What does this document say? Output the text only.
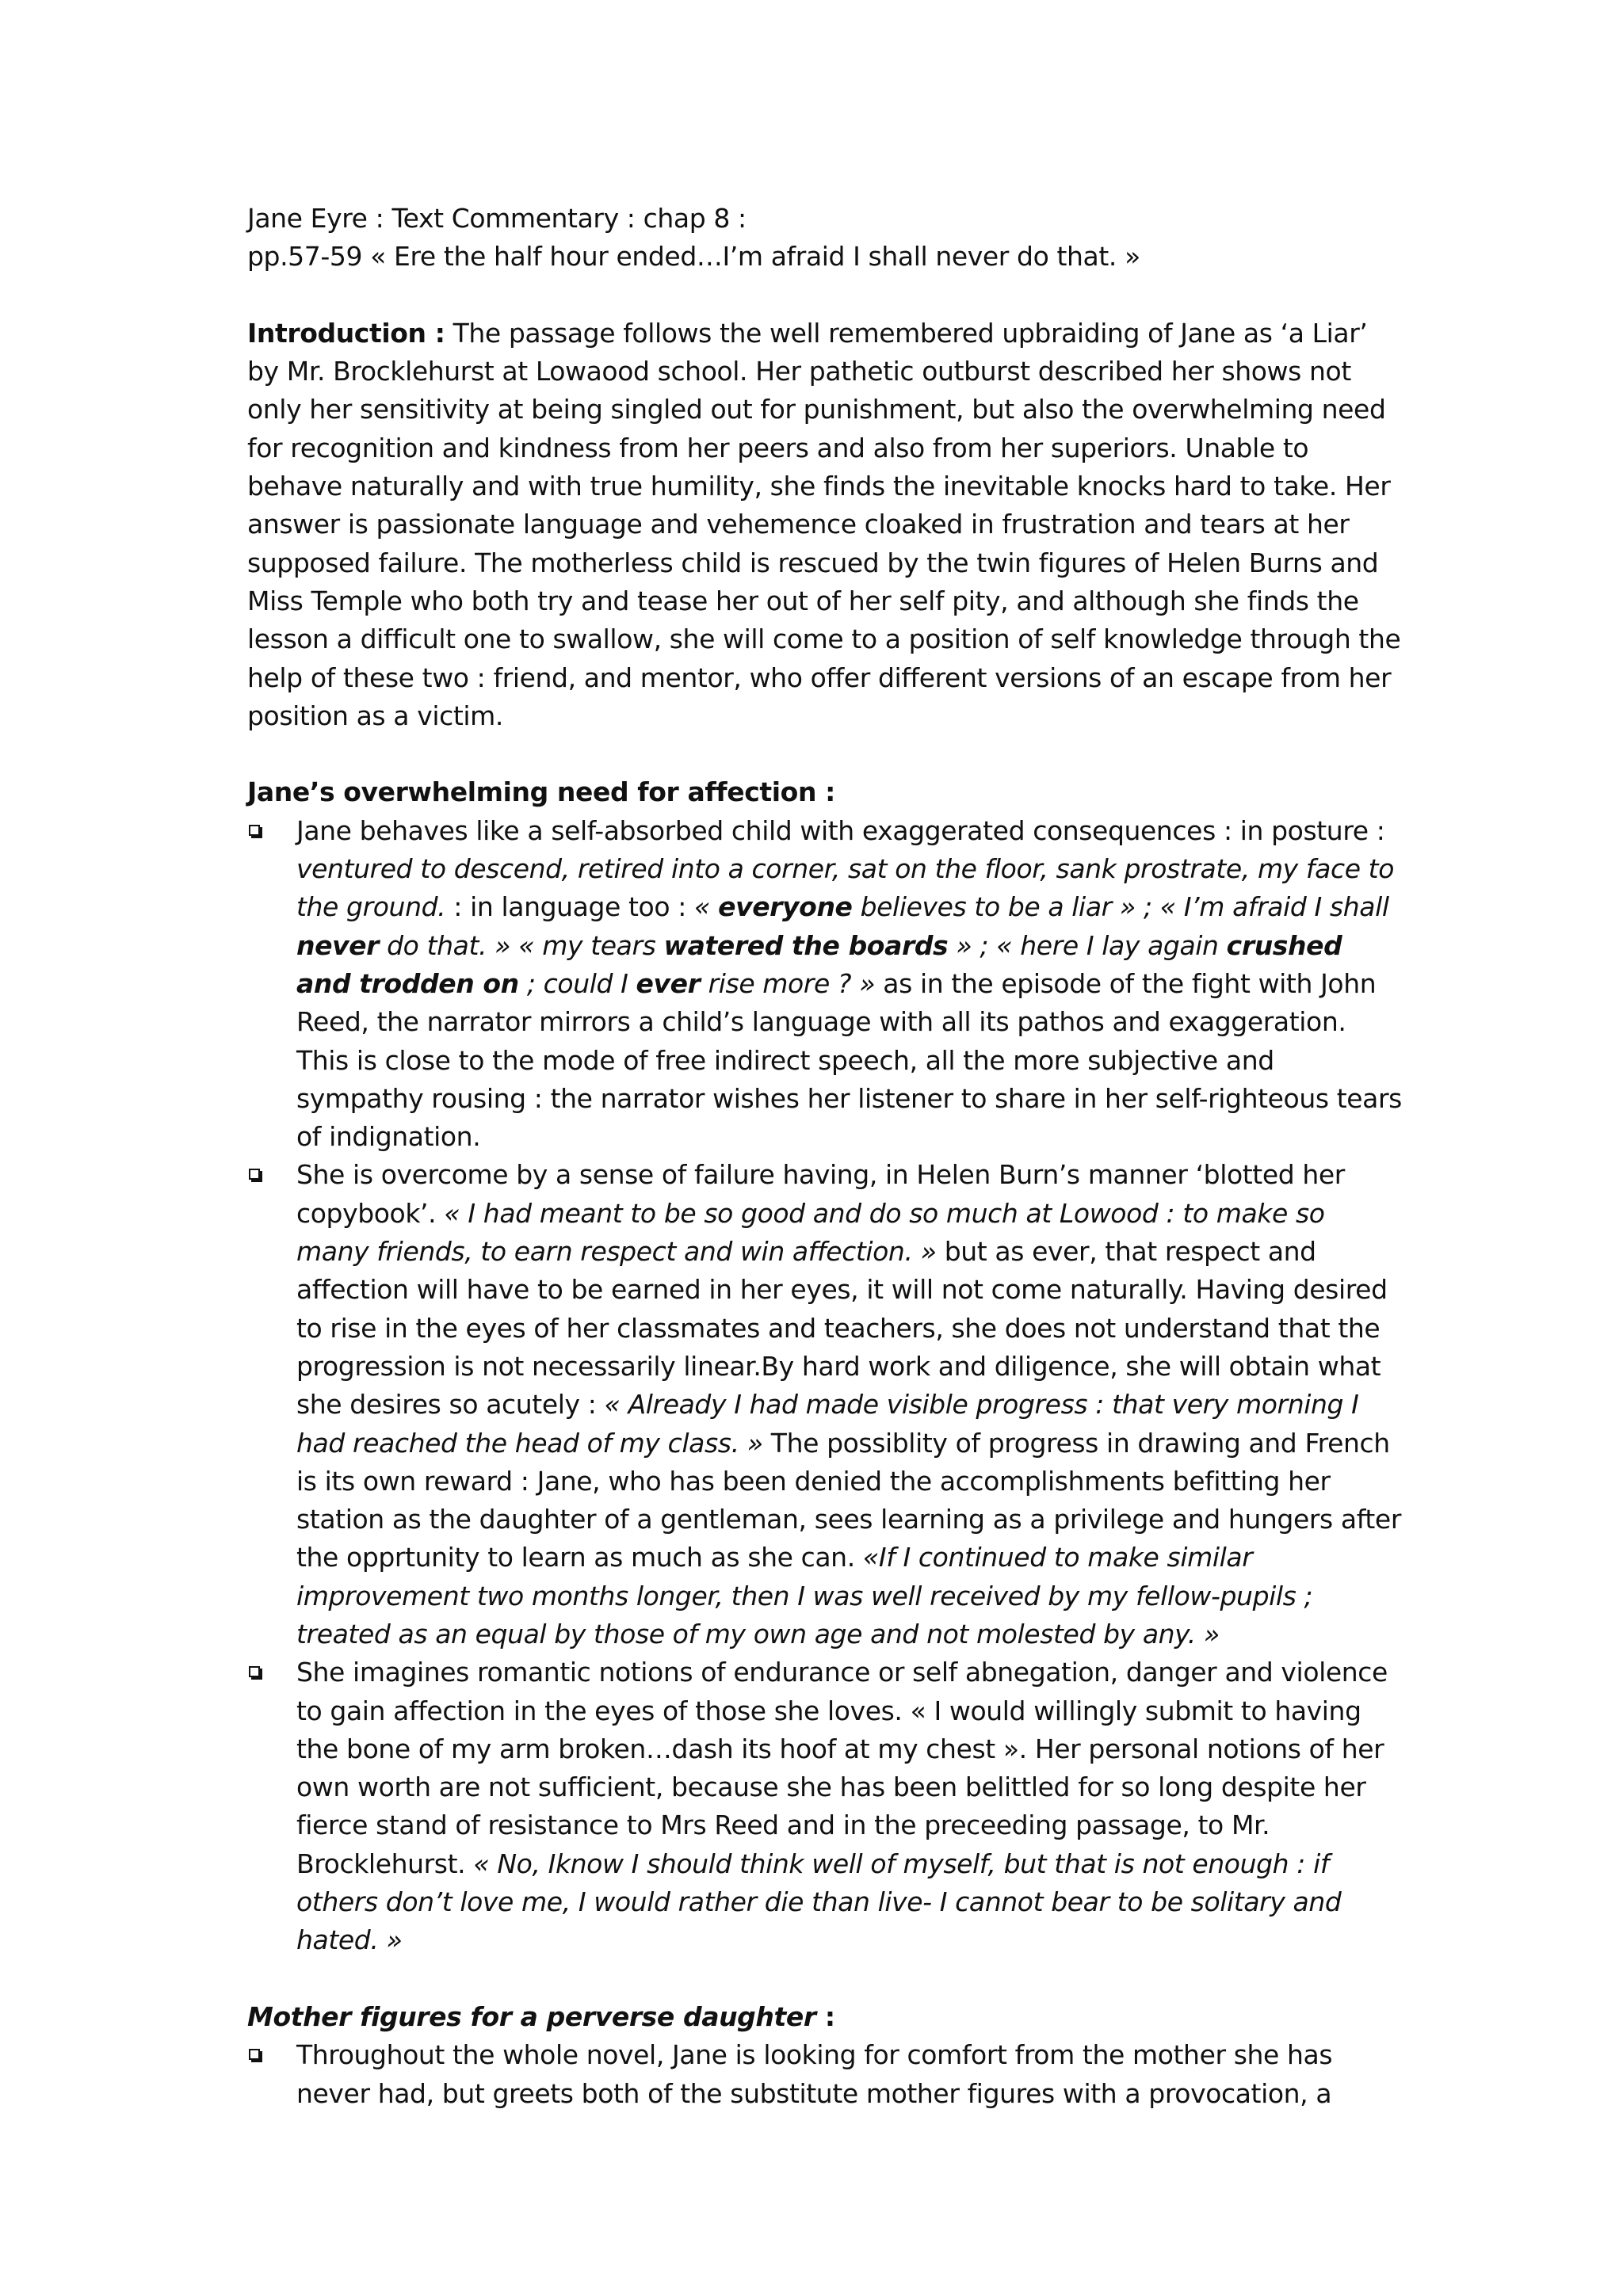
Jane Eyre : Text Commentary : chap 8 :
pp.57-59 « Ere the half hour ended…I’m afraid I shall never do that. »

Introduction : The passage follows the well remembered upbraiding of Jane as ‘a Liar’ by Mr. Brocklehurst at Lowaood school. Her pathetic outburst described her shows not only her sensitivity at being singled out for punishment, but also the overwhelming need for recognition and kindness from her peers and also from her superiors. Unable to behave naturally and with true humility, she finds the inevitable knocks hard to take. Her answer is passionate language and vehemence cloaked in frustration and tears at her supposed failure. The motherless child is rescued by the twin figures of Helen Burns and Miss Temple who both try and tease her out of her self pity, and although she finds the lesson a difficult one to swallow, she will come to a position of self knowledge through the help of these two : friend, and mentor, who offer different versions of an escape from her position as a victim.

Jane’s overwhelming need for affection :
Jane behaves like a self-absorbed child with exaggerated consequences : in posture : ventured to descend, retired into a corner, sat on the floor, sank prostrate, my face to the ground. : in language too : « everyone believes to be a liar » ; « I’m afraid I shall never do that. » « my tears watered the boards » ; « here I lay again crushed and trodden on ; could I ever rise more ? » as in the episode of the fight with John Reed, the narrator mirrors a child’s language with all its pathos and exaggeration. This is close to the mode of free indirect speech, all the more subjective and sympathy rousing : the narrator wishes her listener to share in her self-righteous tears of indignation.
She is overcome by a sense of failure having, in Helen Burn’s manner ‘blotted her copybook’. « I had meant to be so good and do so much at Lowood : to make so many friends, to earn respect and win affection. » but as ever, that respect and affection will have to be earned in her eyes, it will not come naturally. Having desired to rise in the eyes of her classmates and teachers, she does not understand that the progression is not necessarily linear.By hard work and diligence, she will obtain what she desires so acutely : « Already I had made visible progress : that very morning I had reached the head of my class. » The possiblity of progress in drawing and French is its own reward : Jane, who has been denied the accomplishments befitting her station as the daughter of a gentleman, sees learning as a privilege and hungers after the opprtunity to learn as much as she can. «If I continued to make similar improvement two months longer, then I was well received by my fellow-pupils ; treated as an equal by those of my own age and not molested by any. »
She imagines romantic notions of endurance or self abnegation, danger and violence to gain affection in the eyes of those she loves. « I would willingly submit to having the bone of my arm broken…dash its hoof at my chest ». Her personal notions of her own worth are not sufficient, because she has been belittled for so long despite her fierce stand of resistance to Mrs Reed and in the preceeding passage, to Mr. Brocklehurst. « No, Iknow I should think well of myself, but that is not enough : if others don’t love me, I would rather die than live- I cannot bear to be solitary and hated. »
Mother figures for a perverse daughter :
Throughout the whole novel, Jane is looking for comfort from the mother she has never had, but greets both of the substitute mother figures with a provocation, a
